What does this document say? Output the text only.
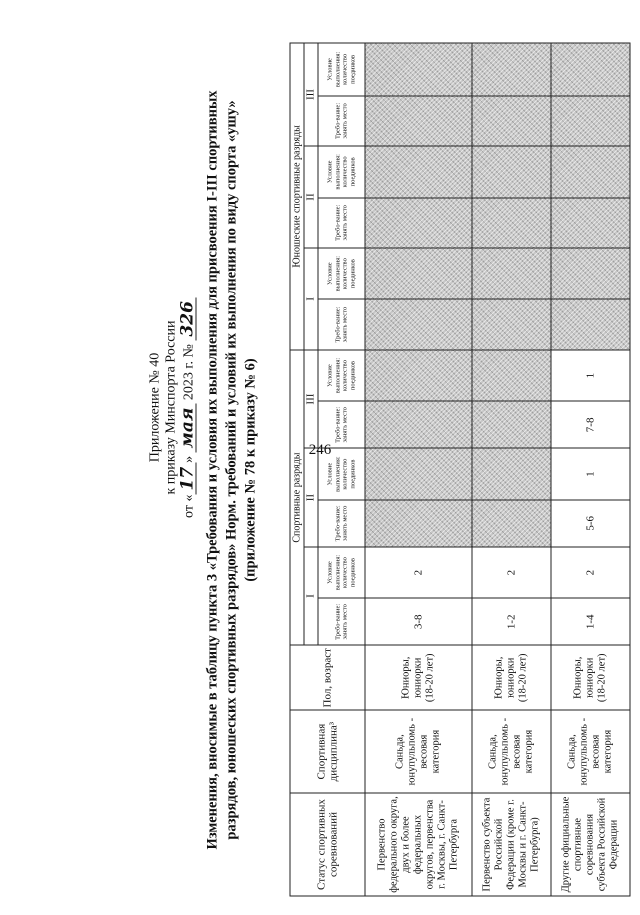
246
Приложение № 40 к приказу Минспорта России
от «17» мая 2023 г. № 326 Изменения, вносимые в таблицу пункта 3 «Требования и условия их выполнения для присвоения I-III спортивных разрядов, юношеских спортивных разрядов» Норм. требований и условий их выполнения по виду спорта «ушу» (приложение № 78 к приказу № 6)
Статус спортивных соревнований	Спортивная дисциплина³	Пол, возраст	Спортивные разряды						Юношеские спортивные разряды					
			I		II		III		I		II		III	
			Требо-вание: занять место	Условие выполнения: количество поединков	Требо-вание: занять место	Условие выполнения: количество поединков	Требо-вание: занять место	Условие выполнения: количество поединков	Требо-вание: занять место	Условие выполнения: количество поединков	Требо-вание: занять место	Условие выполнения: количество поединков	Требо-вание: занять место	Условие выполнения: количество поединков
Первенство федерального округа, двух и более федеральных округов, первенства г. Москвы, г. Санкт-Петербурга	Саньда, юнупульпомь - весовая категория	Юниоры, юниорки (18-20 лет)	3-8	2										
Первенство субъекта Российской Федерации (кроме г. Москвы и г. Санкт-Петербурга)	Саньда, юнупульпомь - весовая категория	Юниоры, юниорки (18-20 лет)	1-2	2										
Другие официальные спортивные соревнования субъекта Российской Федерации	Саньда, юнупульпомь - весовая категория	Юниоры, юниорки (18-20 лет)	1-4	2	5-6	1	7-8	1						
